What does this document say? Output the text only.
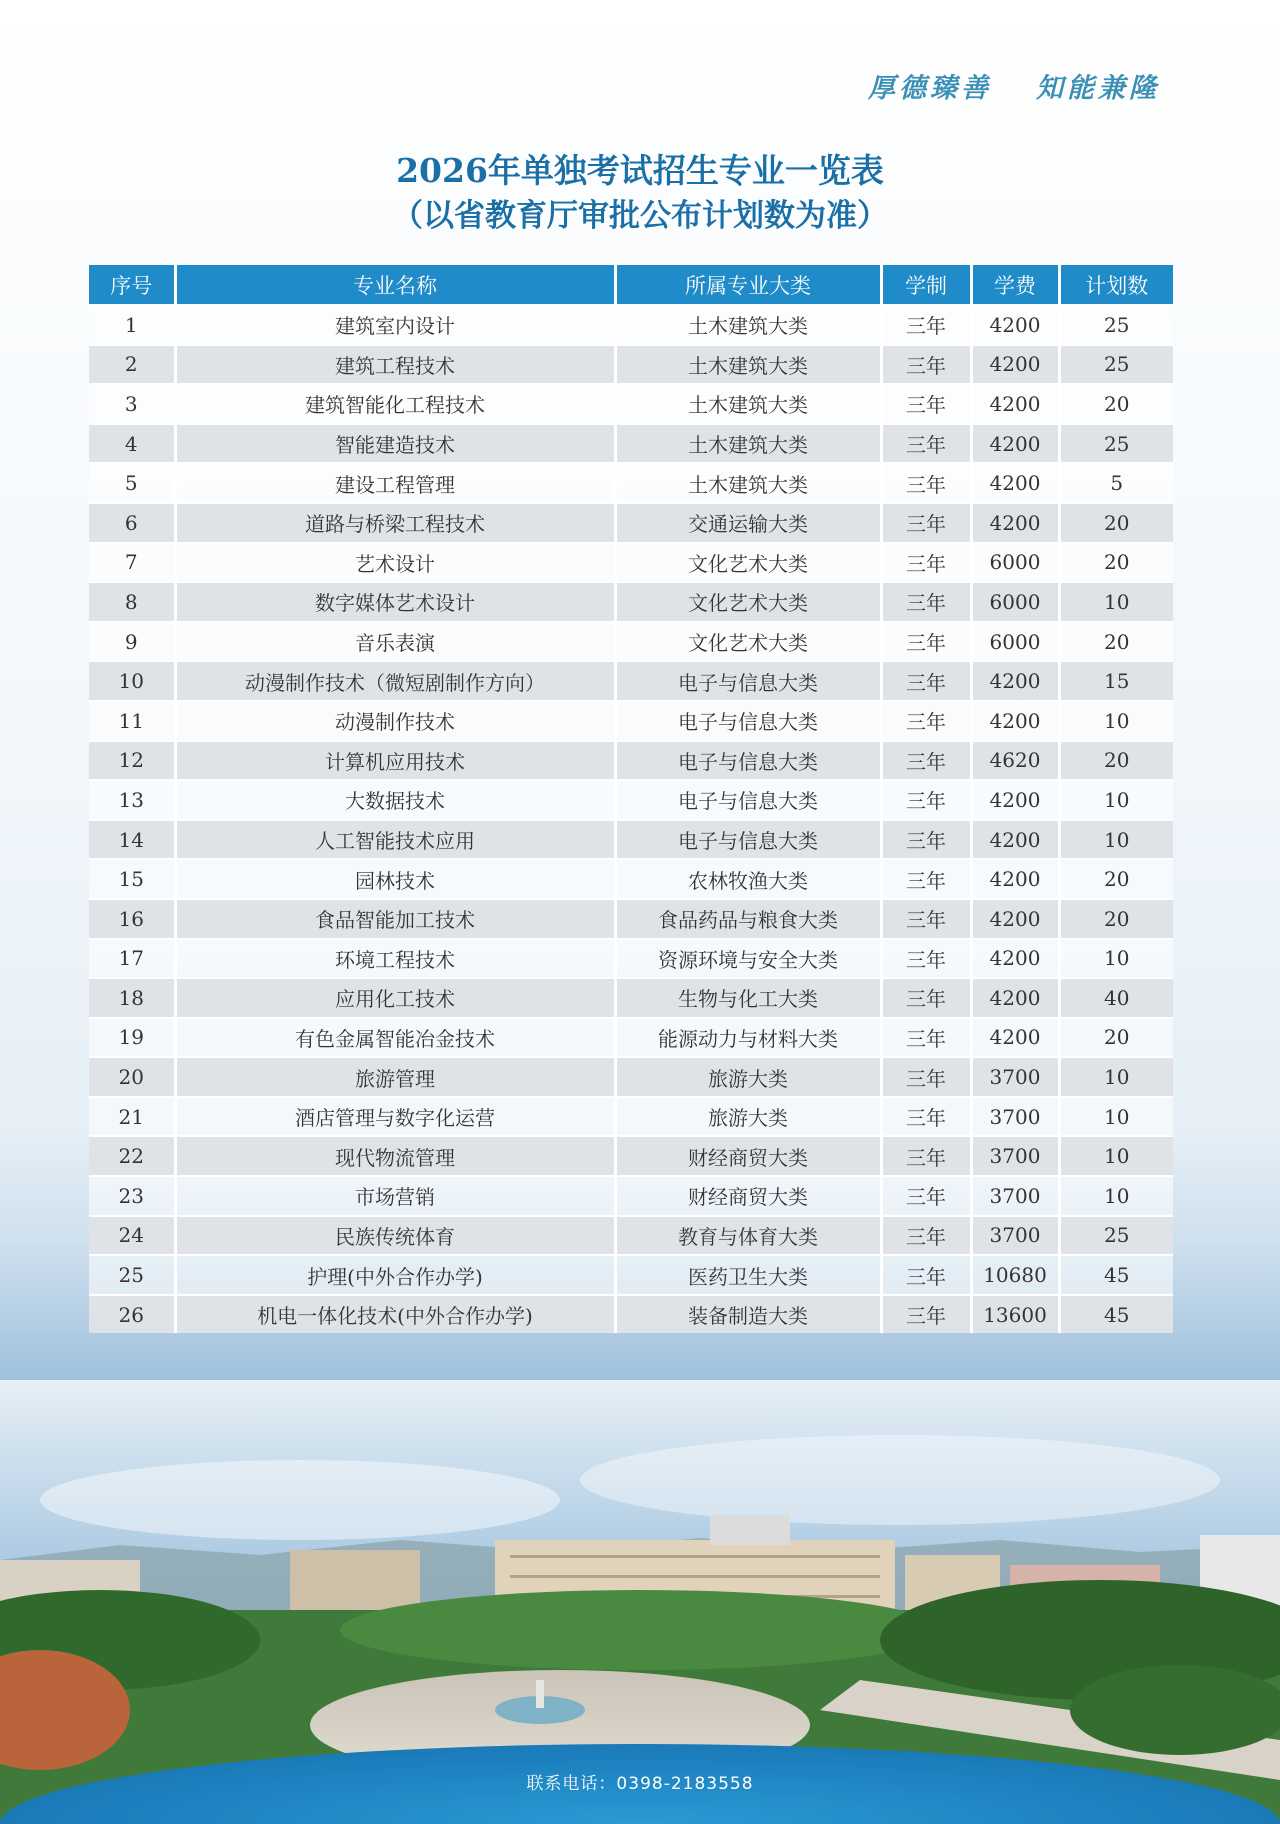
厚德臻善 知能兼隆
2026年单独考试招生专业一览表
（以省教育厅审批公布计划数为准）
序号	专业名称	所属专业大类	学制	学费	计划数
1	建筑室内设计	土木建筑大类	三年	4200	25
2	建筑工程技术	土木建筑大类	三年	4200	25
3	建筑智能化工程技术	土木建筑大类	三年	4200	20
4	智能建造技术	土木建筑大类	三年	4200	25
5	建设工程管理	土木建筑大类	三年	4200	5
6	道路与桥梁工程技术	交通运输大类	三年	4200	20
7	艺术设计	文化艺术大类	三年	6000	20
8	数字媒体艺术设计	文化艺术大类	三年	6000	10
9	音乐表演	文化艺术大类	三年	6000	20
10	动漫制作技术（微短剧制作方向）	电子与信息大类	三年	4200	15
11	动漫制作技术	电子与信息大类	三年	4200	10
12	计算机应用技术	电子与信息大类	三年	4620	20
13	大数据技术	电子与信息大类	三年	4200	10
14	人工智能技术应用	电子与信息大类	三年	4200	10
15	园林技术	农林牧渔大类	三年	4200	20
16	食品智能加工技术	食品药品与粮食大类	三年	4200	20
17	环境工程技术	资源环境与安全大类	三年	4200	10
18	应用化工技术	生物与化工大类	三年	4200	40
19	有色金属智能冶金技术	能源动力与材料大类	三年	4200	20
20	旅游管理	旅游大类	三年	3700	10
21	酒店管理与数字化运营	旅游大类	三年	3700	10
22	现代物流管理	财经商贸大类	三年	3700	10
23	市场营销	财经商贸大类	三年	3700	10
24	民族传统体育	教育与体育大类	三年	3700	25
25	护理(中外合作办学)	医药卫生大类	三年	10680	45
26	机电一体化技术(中外合作办学)	装备制造大类	三年	13600	45
联系电话：0398-2183558
